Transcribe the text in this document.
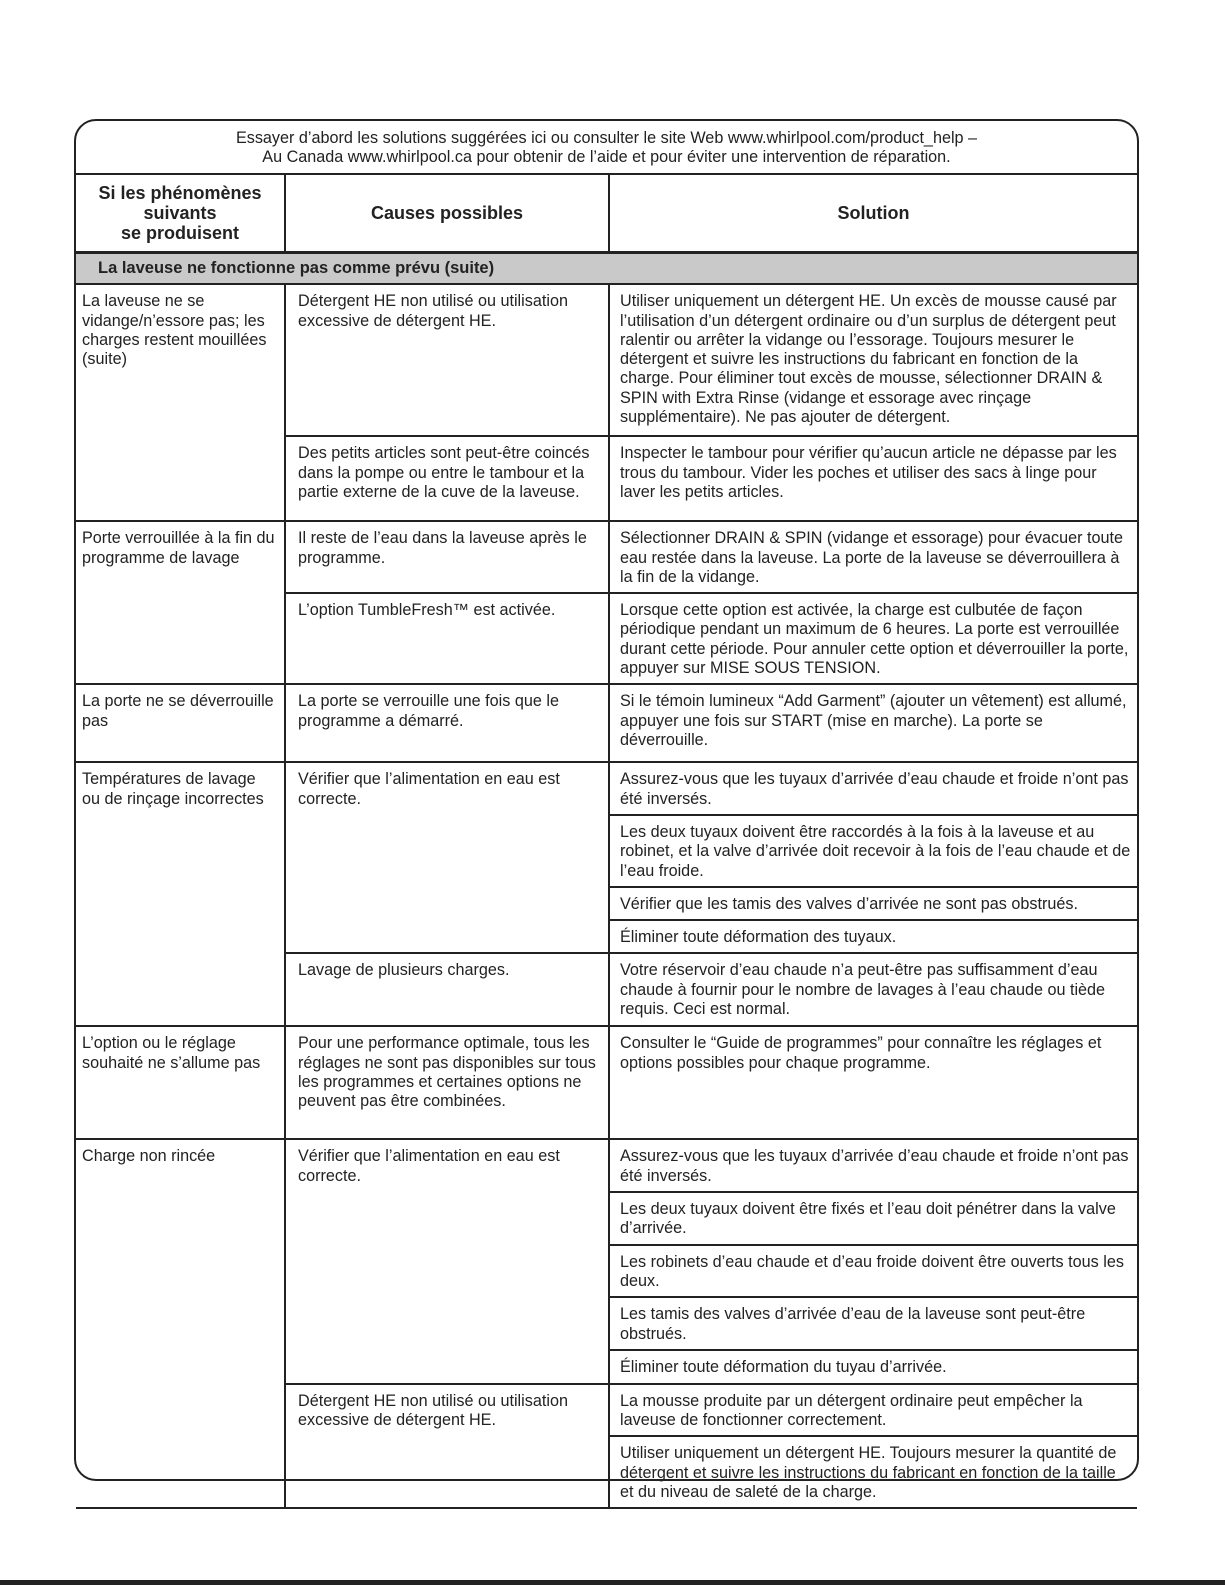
Essayer d’abord les solutions suggérées ici ou consulter le site Web www.whirlpool.com/product_help –
Au Canada www.whirlpool.ca pour obtenir de l’aide et pour éviter une intervention de réparation.
Si les phénomènes
suivants
se produisent	Causes possibles	Solution
La laveuse ne fonctionne pas comme prévu (suite)		
La laveuse ne se vidange/n’essore pas; les charges restent mouillées (suite)	Détergent HE non utilisé ou utilisation excessive de détergent HE.	Utiliser uniquement un détergent HE. Un excès de mousse causé par l’utilisation d’un détergent ordinaire ou d’un surplus de détergent peut ralentir ou arrêter la vidange ou l’essorage. Toujours mesurer le détergent et suivre les instructions du fabricant en fonction de la charge. Pour éliminer tout excès de mousse, sélectionner DRAIN & SPIN with Extra Rinse (vidange et essorage avec rinçage supplémentaire). Ne pas ajouter de détergent.
	Des petits articles sont peut-être coincés dans la pompe ou entre le tambour et la partie externe de la cuve de la laveuse.	Inspecter le tambour pour vérifier qu’aucun article ne dépasse par les trous du tambour. Vider les poches et utiliser des sacs à linge pour laver les petits articles.
Porte verrouillée à la fin du programme de lavage	Il reste de l’eau dans la laveuse après le programme.	Sélectionner DRAIN & SPIN (vidange et essorage) pour évacuer toute eau restée dans la laveuse. La porte de la laveuse se déverrouillera à la fin de la vidange.
	L’option TumbleFresh™ est activée.	Lorsque cette option est activée, la charge est culbutée de façon périodique pendant un maximum de 6 heures. La porte est verrouillée durant cette période. Pour annuler cette option et déverrouiller la porte, appuyer sur MISE SOUS TENSION.
La porte ne se déverrouille pas	La porte se verrouille une fois que le programme a démarré.	Si le témoin lumineux “Add Garment” (ajouter un vêtement) est allumé, appuyer une fois sur START (mise en marche). La porte se déverrouille.
Températures de lavage ou de rinçage incorrectes	Vérifier que l’alimentation en eau est correcte.	Assurez-vous que les tuyaux d’arrivée d’eau chaude et froide n’ont pas été inversés.
		Les deux tuyaux doivent être raccordés à la fois à la laveuse et au robinet, et la valve d’arrivée doit recevoir à la fois de l’eau chaude et de l’eau froide.
		Vérifier que les tamis des valves d’arrivée ne sont pas obstrués.
		Éliminer toute déformation des tuyaux.
	Lavage de plusieurs charges.	Votre réservoir d’eau chaude n’a peut-être pas suffisamment d’eau chaude à fournir pour le nombre de lavages à l’eau chaude ou tiède requis. Ceci est normal.
L’option ou le réglage souhaité ne s’allume pas	Pour une performance optimale, tous les réglages ne sont pas disponibles sur tous les programmes et certaines options ne peuvent pas être combinées.	Consulter le “Guide de programmes” pour connaître les réglages et options possibles pour chaque programme.
Charge non rincée	Vérifier que l’alimentation en eau est correcte.	Assurez-vous que les tuyaux d’arrivée d’eau chaude et froide n’ont pas été inversés.
		Les deux tuyaux doivent être fixés et l’eau doit pénétrer dans la valve d’arrivée.
		Les robinets d’eau chaude et d’eau froide doivent être ouverts tous les deux.
		Les tamis des valves d’arrivée d’eau de la laveuse sont peut-être obstrués.
		Éliminer toute déformation du tuyau d’arrivée.
	Détergent HE non utilisé ou utilisation excessive de détergent HE.	La mousse produite par un détergent ordinaire peut empêcher la laveuse de fonctionner correctement.
		Utiliser uniquement un détergent HE. Toujours mesurer la quantité de détergent et suivre les instructions du fabricant en fonction de la taille et du niveau de saleté de la charge.
